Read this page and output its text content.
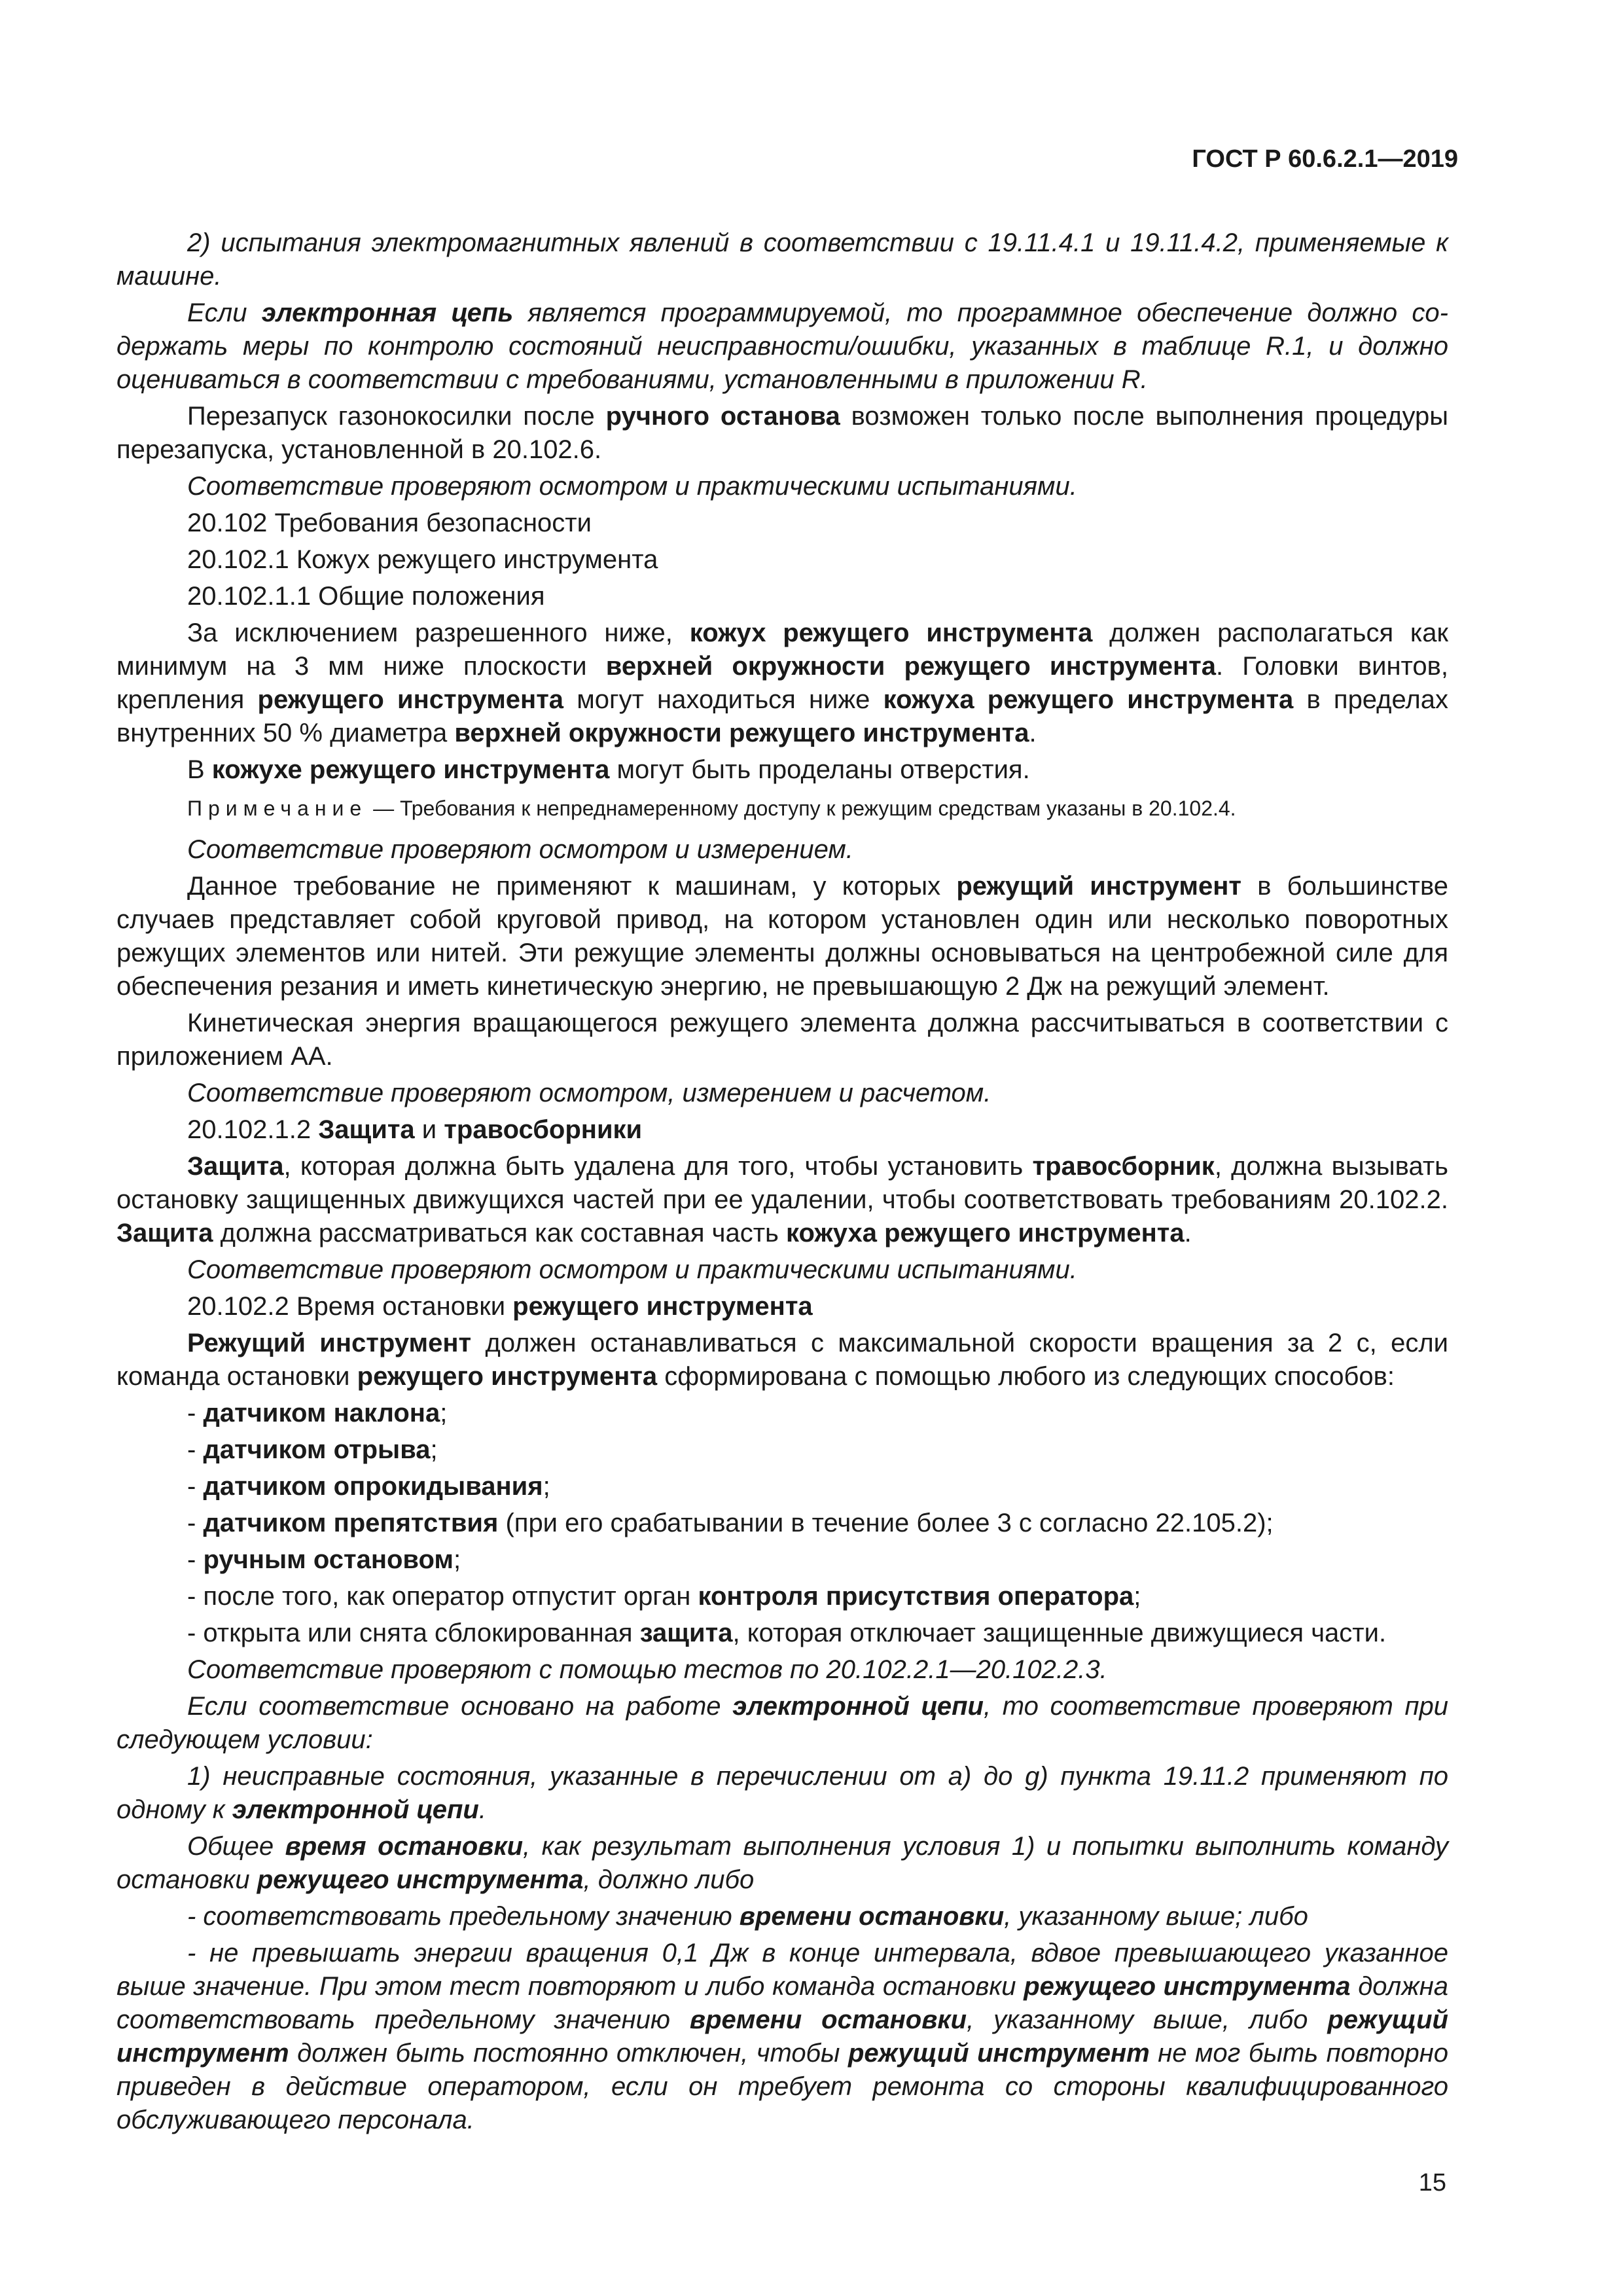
ГОСТ Р 60.6.2.1—2019

2) испытания электромагнитных явлений в соответствии с 19.11.4.1 и 19.11.4.2, применяемые к машине.

Если электронная цепь является программируемой, то программное обеспечение должно содержать меры по контролю состояний неисправности/ошибки, указанных в таблице R.1, и должно оцениваться в соответствии с требованиями, установленными в приложении R.

Перезапуск газонокосилки после ручного останова возможен только после выполнения процедуры перезапуска, установленной в 20.102.6.

Соответствие проверяют осмотром и практическими испытаниями.

20.102 Требования безопасности

20.102.1 Кожух режущего инструмента

20.102.1.1 Общие положения

За исключением разрешенного ниже, кожух режущего инструмента должен располагаться как минимум на 3 мм ниже плоскости верхней окружности режущего инструмента. Головки винтов, крепления режущего инструмента могут находиться ниже кожуха режущего инструмента в пределах внутренних 50 % диаметра верхней окружности режущего инструмента.

В кожухе режущего инструмента могут быть проделаны отверстия.

Примечание — Требования к непреднамеренному доступу к режущим средствам указаны в 20.102.4.

Соответствие проверяют осмотром и измерением.

Данное требование не применяют к машинам, у которых режущий инструмент в большинстве случаев представляет собой круговой привод, на котором установлен один или несколько поворотных режущих элементов или нитей. Эти режущие элементы должны основываться на центробежной силе для обеспечения резания и иметь кинетическую энергию, не превышающую 2 Дж на режущий элемент.

Кинетическая энергия вращающегося режущего элемента должна рассчитываться в соответствии с приложением АА.

Соответствие проверяют осмотром, измерением и расчетом.

20.102.1.2 Защита и травосборники

Защита, которая должна быть удалена для того, чтобы установить травосборник, должна вызывать остановку защищенных движущихся частей при ее удалении, чтобы соответствовать требованиям 20.102.2. Защита должна рассматриваться как составная часть кожуха режущего инструмента.

Соответствие проверяют осмотром и практическими испытаниями.

20.102.2 Время остановки режущего инструмента

Режущий инструмент должен останавливаться с максимальной скорости вращения за 2 с, если команда остановки режущего инструмента сформирована с помощью любого из следующих способов:

- датчиком наклона;

- датчиком отрыва;

- датчиком опрокидывания;

- датчиком препятствия (при его срабатывании в течение более 3 с согласно 22.105.2);

- ручным остановом;

- после того, как оператор отпустит орган контроля присутствия оператора;

- открыта или снята сблокированная защита, которая отключает защищенные движущиеся части.

Соответствие проверяют с помощью тестов по 20.102.2.1—20.102.2.3.

Если соответствие основано на работе электронной цепи, то соответствие проверяют при следующем условии:

1) неисправные состояния, указанные в перечислении от а) до g) пункта 19.11.2 применяют по одному к электронной цепи.

Общее время остановки, как результат выполнения условия 1) и попытки выполнить команду остановки режущего инструмента, должно либо

- соответствовать предельному значению времени остановки, указанному выше; либо

- не превышать энергии вращения 0,1 Дж в конце интервала, вдвое превышающего указанное выше значение. При этом тест повторяют и либо команда остановки режущего инструмента должна соответствовать предельному значению времени остановки, указанному выше, либо режущий инструмент должен быть постоянно отключен, чтобы режущий инструмент не мог быть повторно приведен в действие оператором, если он требует ремонта со стороны квалифицированного обслуживающего персонала.

15
